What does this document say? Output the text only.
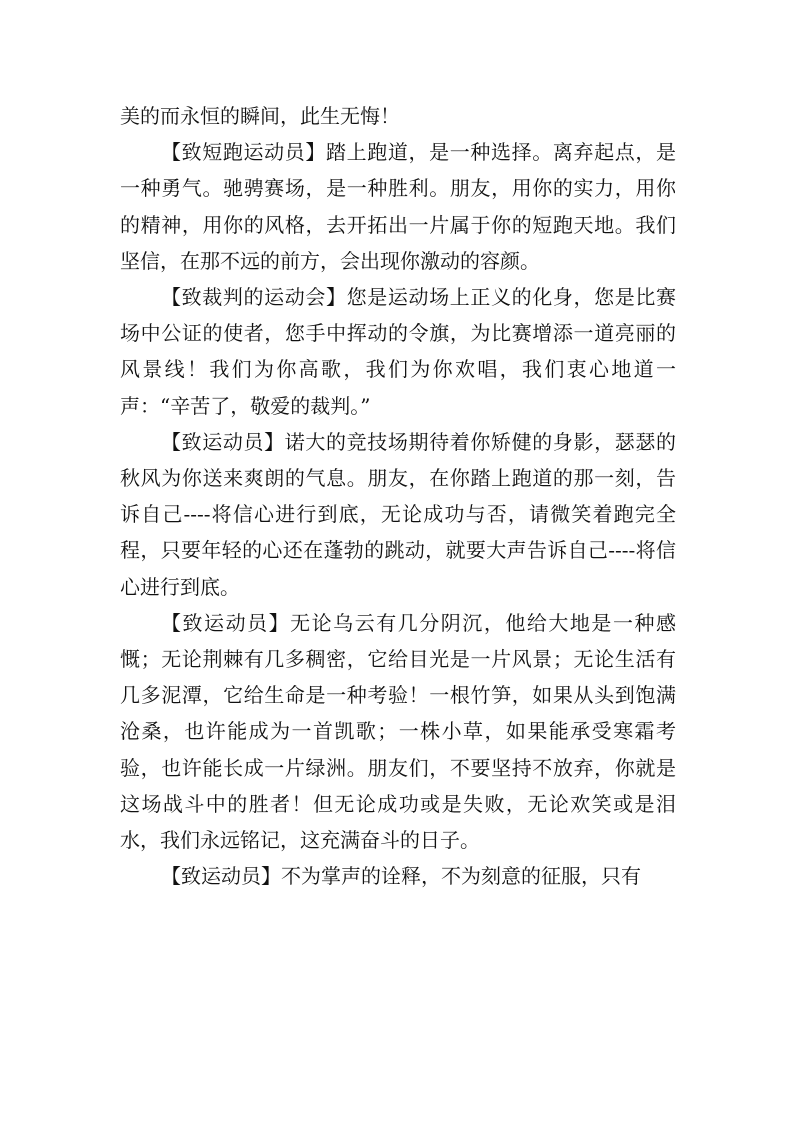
美的而永恒的瞬间，此生无悔！

【致短跑运动员】踏上跑道，是一种选择。离弃起点，是一种勇气。驰骋赛场，是一种胜利。朋友，用你的实力，用你的精神，用你的风格，去开拓出一片属于你的短跑天地。我们坚信，在那不远的前方，会出现你激动的容颜。

【致裁判的运动会】您是运动场上正义的化身，您是比赛场中公证的使者，您手中挥动的令旗，为比赛增添一道亮丽的风景线！我们为你高歌，我们为你欢唱，我们衷心地道一声：“辛苦了，敬爱的裁判。”

【致运动员】诺大的竞技场期待着你矫健的身影，瑟瑟的秋风为你送来爽朗的气息。朋友，在你踏上跑道的那一刻，告诉自己----将信心进行到底，无论成功与否，请微笑着跑完全程，只要年轻的心还在蓬勃的跳动，就要大声告诉自己----将信心进行到底。

【致运动员】无论乌云有几分阴沉，他给大地是一种感慨；无论荆棘有几多稠密，它给目光是一片风景；无论生活有几多泥潭，它给生命是一种考验！一根竹笋，如果从头到饱满沧桑，也许能成为一首凯歌；一株小草，如果能承受寒霜考验，也许能长成一片绿洲。朋友们，不要坚持不放弃，你就是这场战斗中的胜者！但无论成功或是失败，无论欢笑或是泪水，我们永远铭记，这充满奋斗的日子。

【致运动员】不为掌声的诠释，不为刻意的征服，只有
